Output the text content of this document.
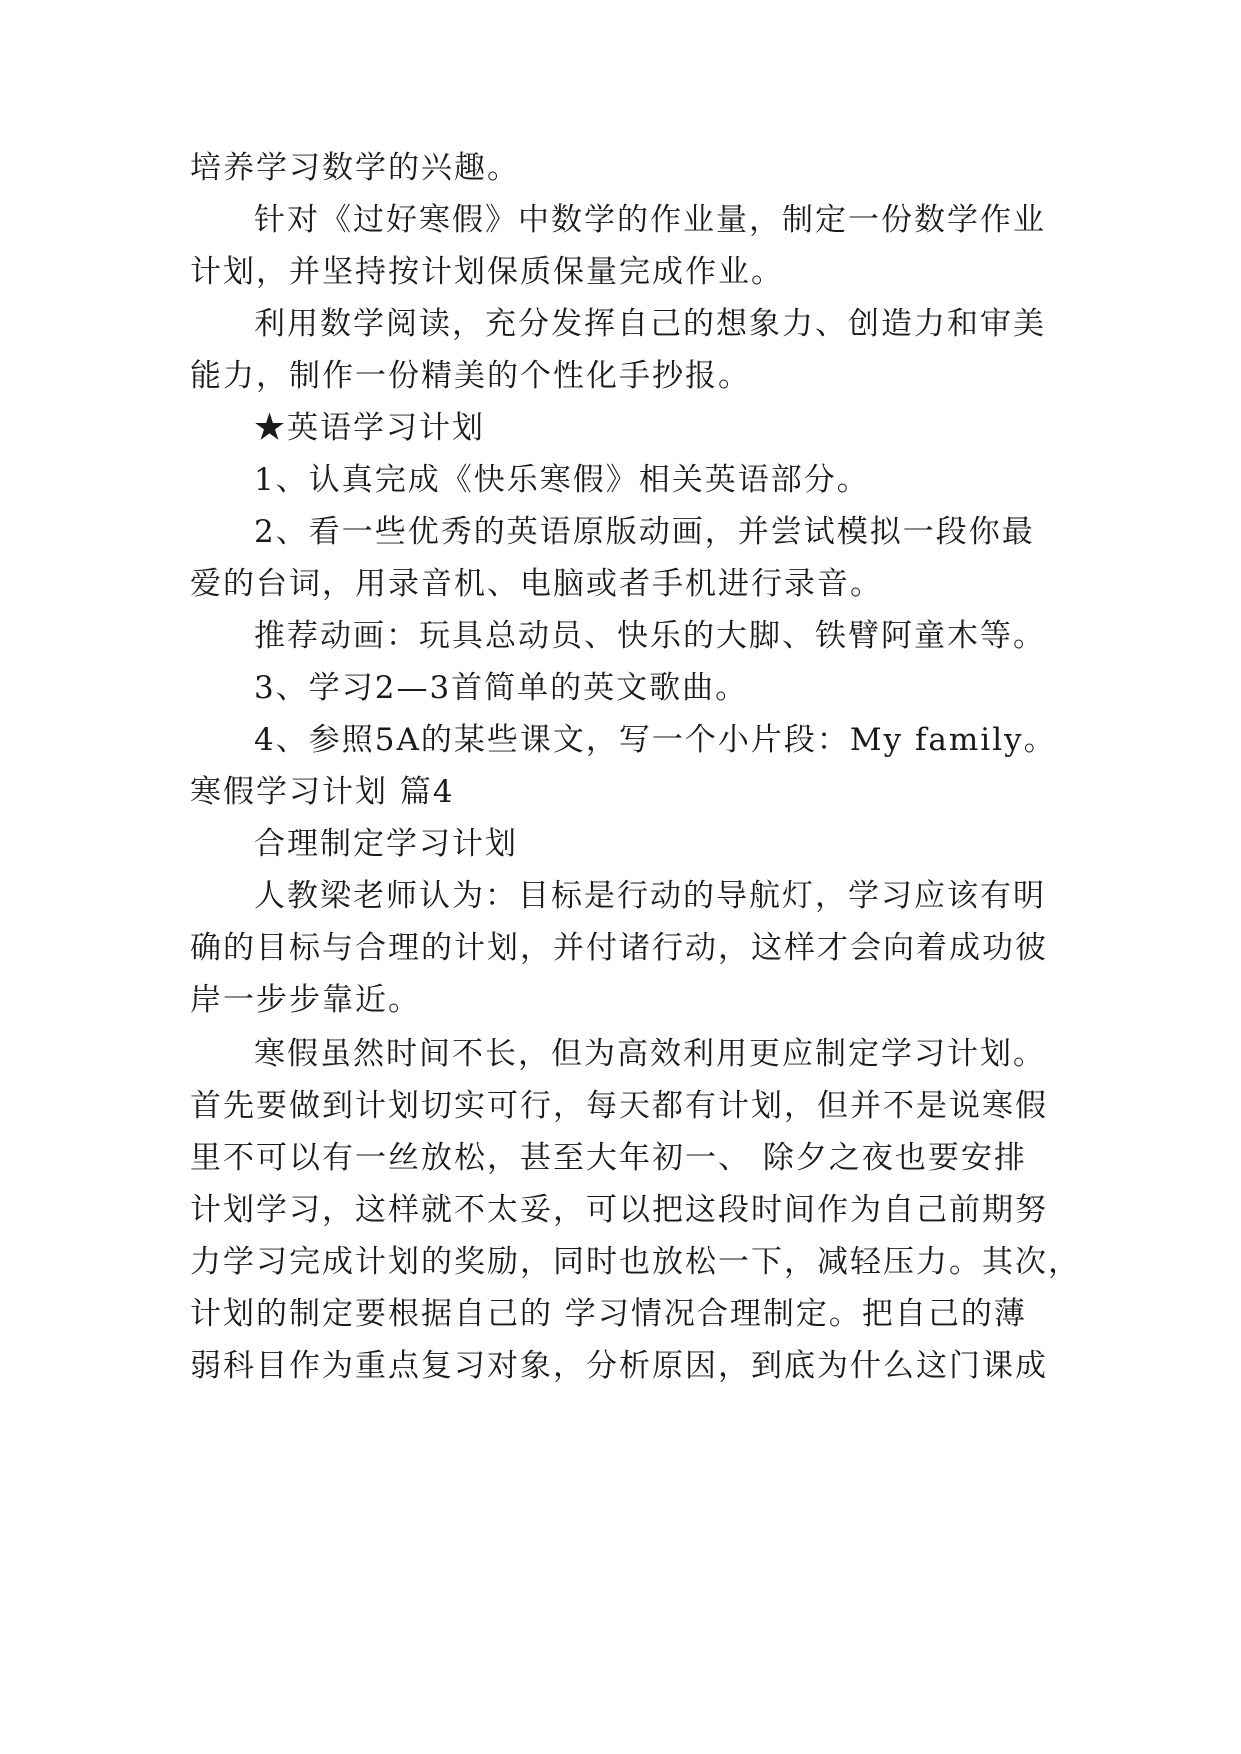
培养学习数学的兴趣。
针对《过好寒假》中数学的作业量，制定一份数学作业
计划，并坚持按计划保质保量完成作业。
利用数学阅读，充分发挥自己的想象力、创造力和审美
能力，制作一份精美的个性化手抄报。
★英语学习计划
1、认真完成《快乐寒假》相关英语部分。
2、看一些优秀的英语原版动画，并尝试模拟一段你最
爱的台词，用录音机、电脑或者手机进行录音。
推荐动画：玩具总动员、快乐的大脚、铁臂阿童木等。
3、学习2—3首简单的英文歌曲。
4、参照5A的某些课文，写一个小片段：My family。
寒假学习计划 篇4
合理制定学习计划
人教梁老师认为：目标是行动的导航灯，学习应该有明
确的目标与合理的计划，并付诸行动，这样才会向着成功彼
岸一步步靠近。
寒假虽然时间不长，但为高效利用更应制定学习计划。
首先要做到计划切实可行，每天都有计划，但并不是说寒假
里不可以有一丝放松，甚至大年初一、 除夕之夜也要安排
计划学习，这样就不太妥，可以把这段时间作为自己前期努
力学习完成计划的奖励，同时也放松一下，减轻压力。其次，
计划的制定要根据自己的 学习情况合理制定。把自己的薄
弱科目作为重点复习对象，分析原因，到底为什么这门课成
